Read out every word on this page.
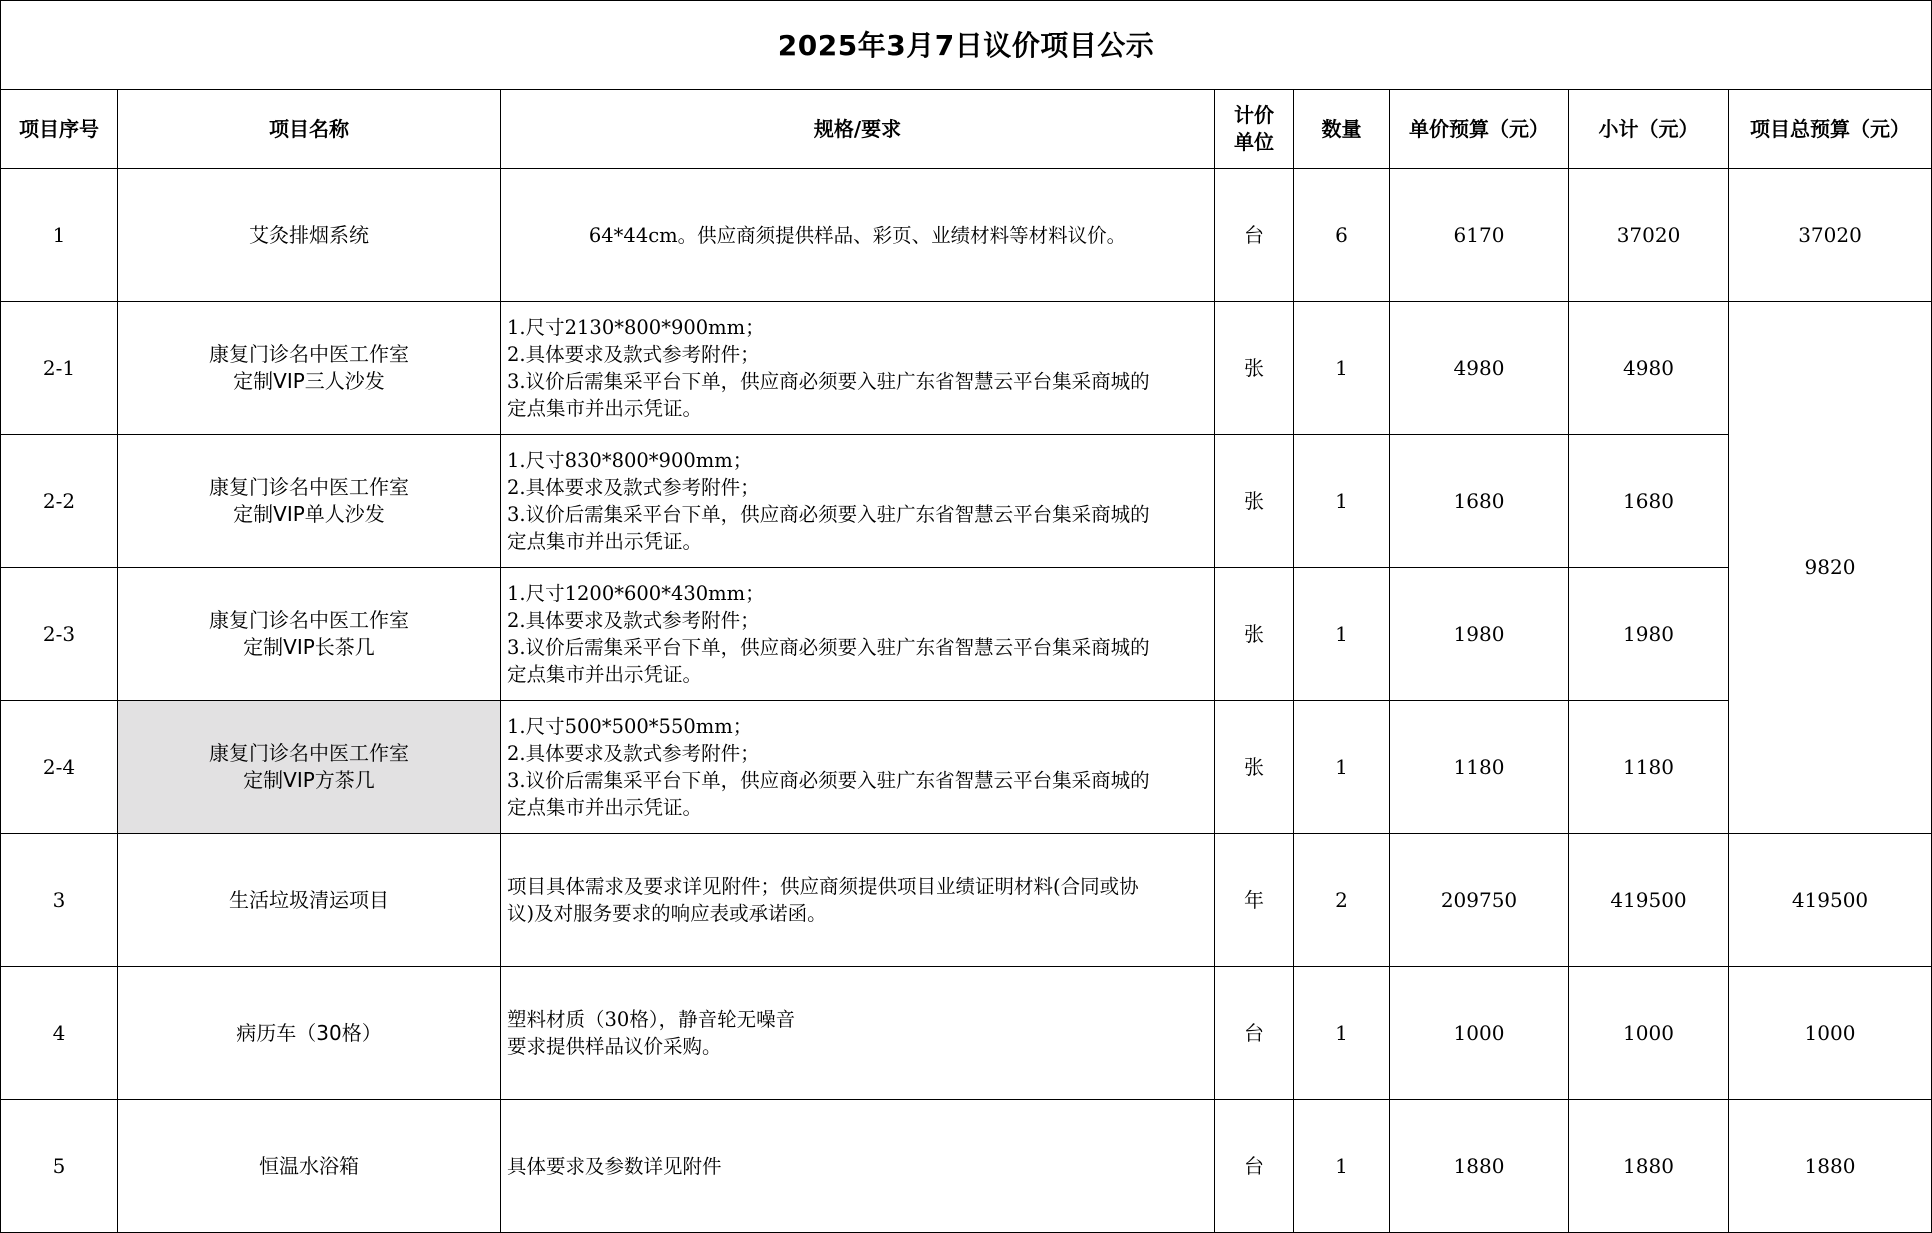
2025年3月7日议价项目公示							
项目序号	项目名称	规格/要求	计价
单位	数量	单价预算（元）	小计（元）	项目总预算（元）
1	艾灸排烟系统	64*44cm。供应商须提供样品、彩页、业绩材料等材料议价。	台	6	6170	37020	37020
2-1	康复门诊名中医工作室
定制VIP三人沙发	1.尺寸2130*800*900mm；
2.具体要求及款式参考附件；
3.议价后需集采平台下单，供应商必须要入驻广东省智慧云平台集采商城的
定点集市并出示凭证。	张	1	4980	4980	9820
2-2	康复门诊名中医工作室
定制VIP单人沙发	1.尺寸830*800*900mm；
2.具体要求及款式参考附件；
3.议价后需集采平台下单，供应商必须要入驻广东省智慧云平台集采商城的
定点集市并出示凭证。	张	1	1680	1680	
2-3	康复门诊名中医工作室
定制VIP长茶几	1.尺寸1200*600*430mm；
2.具体要求及款式参考附件；
3.议价后需集采平台下单，供应商必须要入驻广东省智慧云平台集采商城的
定点集市并出示凭证。	张	1	1980	1980	
2-4	康复门诊名中医工作室
定制VIP方茶几	1.尺寸500*500*550mm；
2.具体要求及款式参考附件；
3.议价后需集采平台下单，供应商必须要入驻广东省智慧云平台集采商城的
定点集市并出示凭证。	张	1	1180	1180	
3	生活垃圾清运项目	项目具体需求及要求详见附件；供应商须提供项目业绩证明材料(合同或协
议)及对服务要求的响应表或承诺函。	年	2	209750	419500	419500
4	病历车（30格）	塑料材质（30格），静音轮无噪音
要求提供样品议价采购。	台	1	1000	1000	1000
5	恒温水浴箱	具体要求及参数详见附件	台	1	1880	1880	1880
